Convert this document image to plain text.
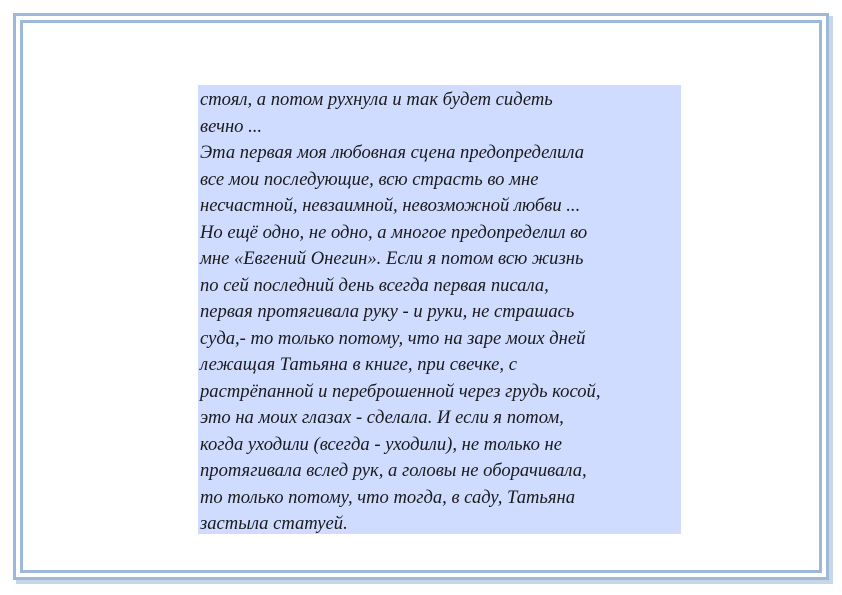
стоял, а потом рухнула и так будет сидеть
вечно ...
Эта первая моя любовная сцена предопределила
все мои последующие, всю страсть во мне
несчастной, невзаимной, невозможной любви ...
Но ещё одно, не одно, а многое предопределил во
мне «Евгений Онегин». Если я потом всю жизнь
по сей последний день всегда первая писала,
первая протягивала руку - и руки, не страшась
суда,- то только потому, что на заре моих дней
лежащая Татьяна в книге, при свечке, с
растрёпанной и переброшенной через грудь косой,
это на моих глазах - сделала. И если я потом,
когда уходили (всегда - уходили), не только не
протягивала вслед рук, а головы не оборачивала,
то только потому, что тогда, в саду, Татьяна
застыла статуей.
